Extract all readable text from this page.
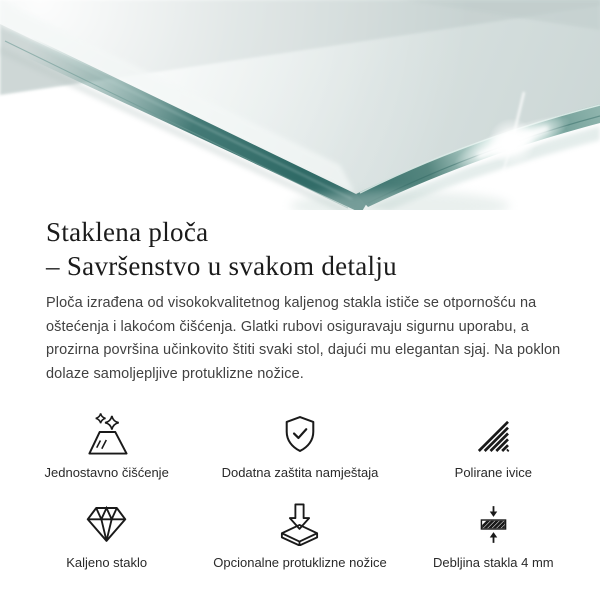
Staklena ploča
– Savršenstvo u svakom detalju

Ploča izrađena od visokokvalitetnog kaljenog stakla ističe se otpornošću na oštećenja i lakoćom čišćenja. Glatki rubovi osiguravaju sigurnu uporabu, a prozirna površina učinkovito štiti svaki stol, dajući mu elegantan sjaj. Na poklon dolaze samoljepljive protuklizne nožice.

Jednostavno čišćenje	Dodatna zaštita namještaja	Polirane ivice
Kaljeno staklo	Opcionalne protuklizne nožice	Debljina stakla 4 mm
